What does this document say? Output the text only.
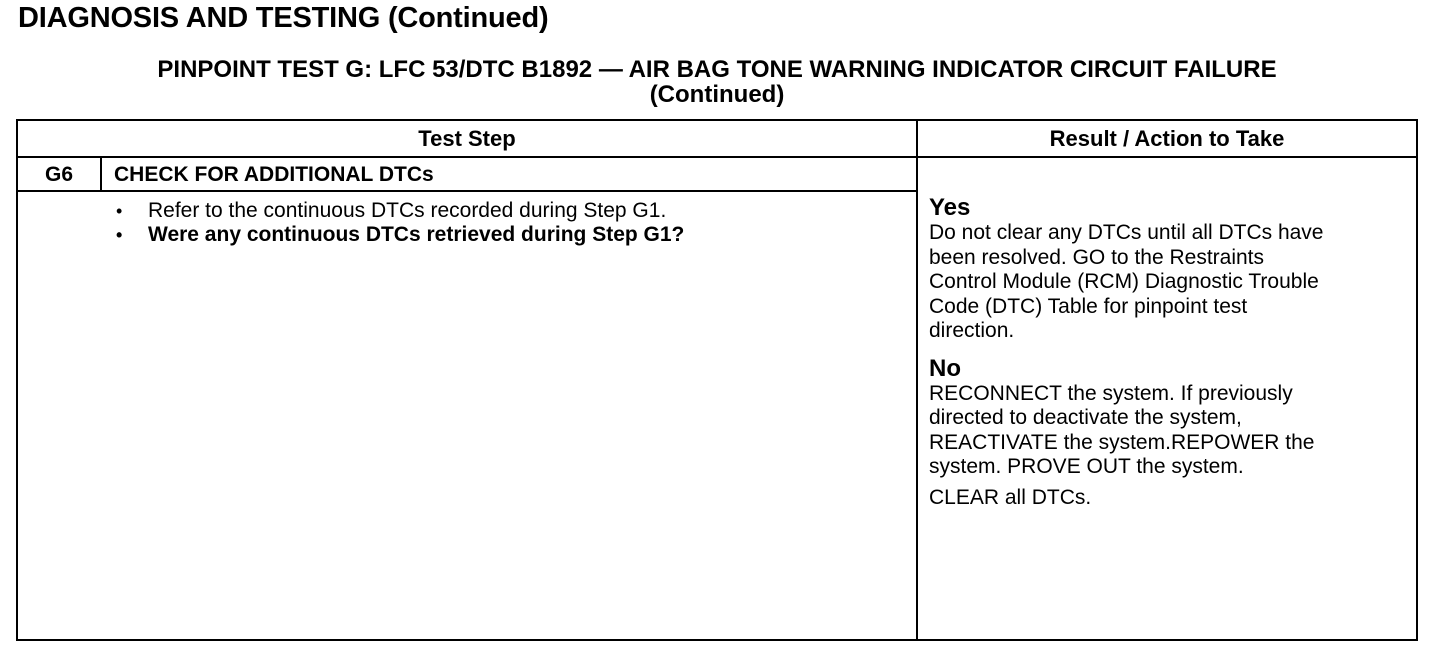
DIAGNOSIS AND TESTING (Continued)
PINPOINT TEST G: LFC 53/DTC B1892 — AIR BAG TONE WARNING INDICATOR CIRCUIT FAILURE
(Continued)
Test Step	Result / Action to Take
G6	CHECK FOR ADDITIONAL DTCs
• Refer to the continuous DTCs recorded during Step G1.
• Were any continuous DTCs retrieved during Step G1?
Yes
Do not clear any DTCs until all DTCs have
been resolved. GO to the Restraints
Control Module (RCM) Diagnostic Trouble
Code (DTC) Table for pinpoint test
direction.
No
RECONNECT the system. If previously
directed to deactivate the system,
REACTIVATE the system.REPOWER the
system. PROVE OUT the system.
CLEAR all DTCs.
